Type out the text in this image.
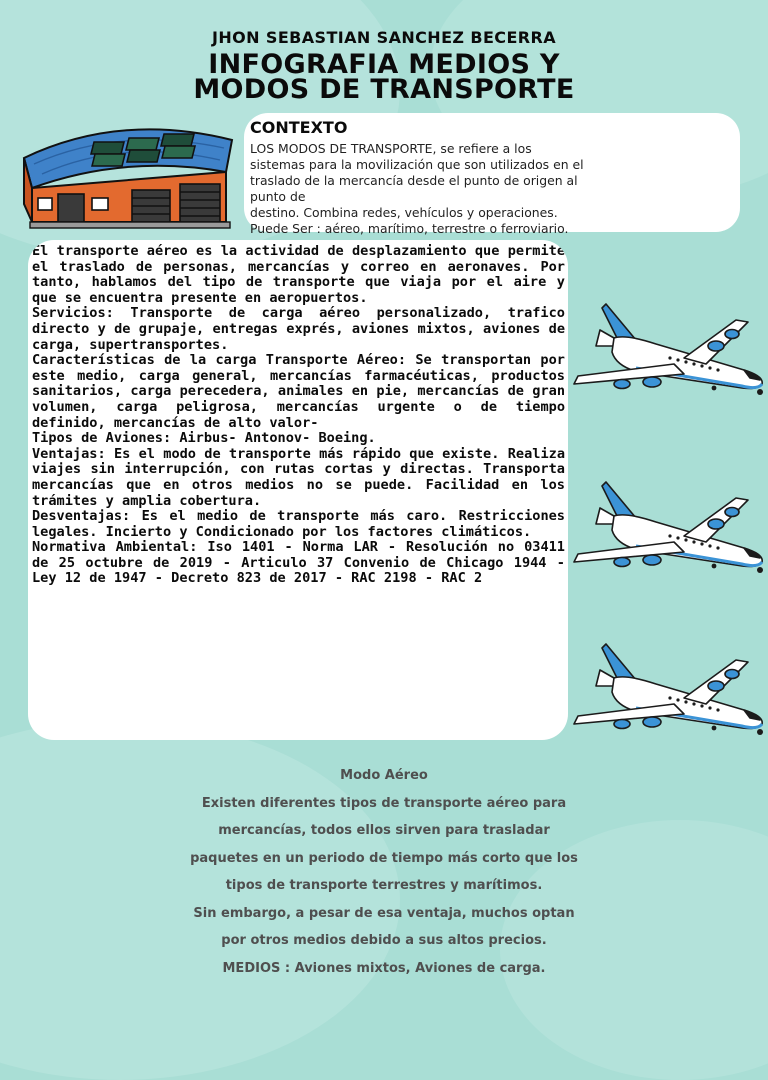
JHON SEBASTIAN SANCHEZ BECERRA
INFOGRAFIA MEDIOS Y
MODOS DE TRANSPORTE
CONTEXTO
LOS MODOS DE TRANSPORTE, se refiere a los
sistemas para la movilización que son utilizados en el
traslado de la mercancía desde el punto de origen al
punto de
destino. Combina redes, vehículos y operaciones.
Puede Ser : aéreo, marítimo, terrestre o ferroviario.

El transporte aéreo es la actividad de desplazamiento que permite el traslado de personas, mercancías y correo en aeronaves. Por tanto, hablamos del tipo de transporte que viaja por el aire y que se encuentra presente en aeropuertos.

Servicios: Transporte de carga aéreo personalizado, trafico directo y de grupaje, entregas exprés, aviones mixtos, aviones de carga, supertransportes.

Características de la carga Transporte Aéreo: Se transportan por este medio, carga general, mercancías farmacéuticas, productos sanitarios, carga perecedera, animales en pie, mercancías de gran volumen, carga peligrosa, mercancías urgente o de tiempo definido, mercancías de alto valor-

Tipos de Aviones: Airbus- Antonov- Boeing.

Ventajas: Es el modo de transporte más rápido que existe. Realiza viajes sin interrupción, con rutas cortas y directas. Transporta mercancías que en otros medios no se puede. Facilidad en los trámites y amplia cobertura.

Desventajas: Es el medio de transporte más caro. Restricciones legales. Incierto y Condicionado por los factores climáticos.

Normativa Ambiental: Iso 1401 - Norma LAR - Resolución no 03411 de 25 octubre de 2019 - Articulo 37 Convenio de Chicago 1944 - Ley 12 de 1947 - Decreto 823 de 2017 - RAC 2198 - RAC 2

Modo Aéreo
Existen diferentes tipos de transporte aéreo para
mercancías, todos ellos sirven para trasladar
paquetes en un periodo de tiempo más corto que los
tipos de transporte terrestres y marítimos.
Sin embargo, a pesar de esa ventaja, muchos optan
por otros medios debido a sus altos precios.
MEDIOS : Aviones mixtos, Aviones de carga.
